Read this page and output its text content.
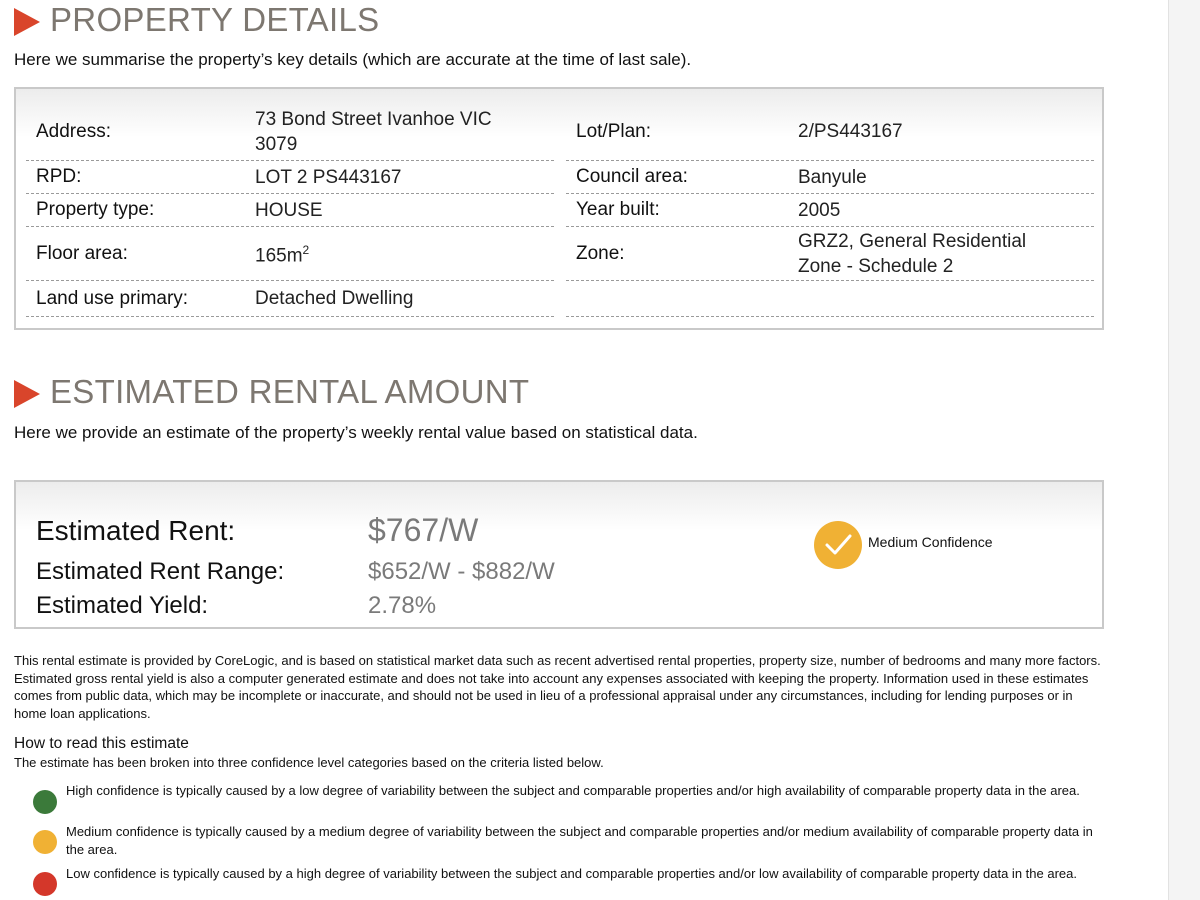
PROPERTY DETAILS
Here we summarise the property’s key details (which are accurate at the time of last sale).
Address:
73 Bond Street Ivanhoe VIC 3079
RPD:	LOT 2 PS443167
Property type:	HOUSE
Floor area:	$165m^2$
Land use primary:	Detached Dwelling
Lot/Plan:	2/PS443167
Council area:	Banyule
Year built:	2005
Zone:
GRZ2, General Residential Zone - Schedule 2
ESTIMATED RENTAL AMOUNT
Here we provide an estimate of the property’s weekly rental value based on statistical data.
Estimated Rent:	$767/W
Estimated Rent Range:	$652/W - $882/W
Estimated Yield:	2.78%
Medium Confidence
This rental estimate is provided by CoreLogic, and is based on statistical market data such as recent advertised rental properties, property size, number of bedrooms and many more factors. Estimated gross rental yield is also a computer generated estimate and does not take into account any expenses associated with keeping the property. Information used in these estimates comes from public data, which may be incomplete or inaccurate, and should not be used in lieu of a professional appraisal under any circumstances, including for lending purposes or in home loan applications.
How to read this estimate
The estimate has been broken into three confidence level categories based on the criteria listed below.
High confidence is typically caused by a low degree of variability between the subject and comparable properties and/or high availability of comparable property data in the area.
Medium confidence is typically caused by a medium degree of variability between the subject and comparable properties and/or medium availability of comparable property data in the area.
Low confidence is typically caused by a high degree of variability between the subject and comparable properties and/or low availability of comparable property data in the area.
